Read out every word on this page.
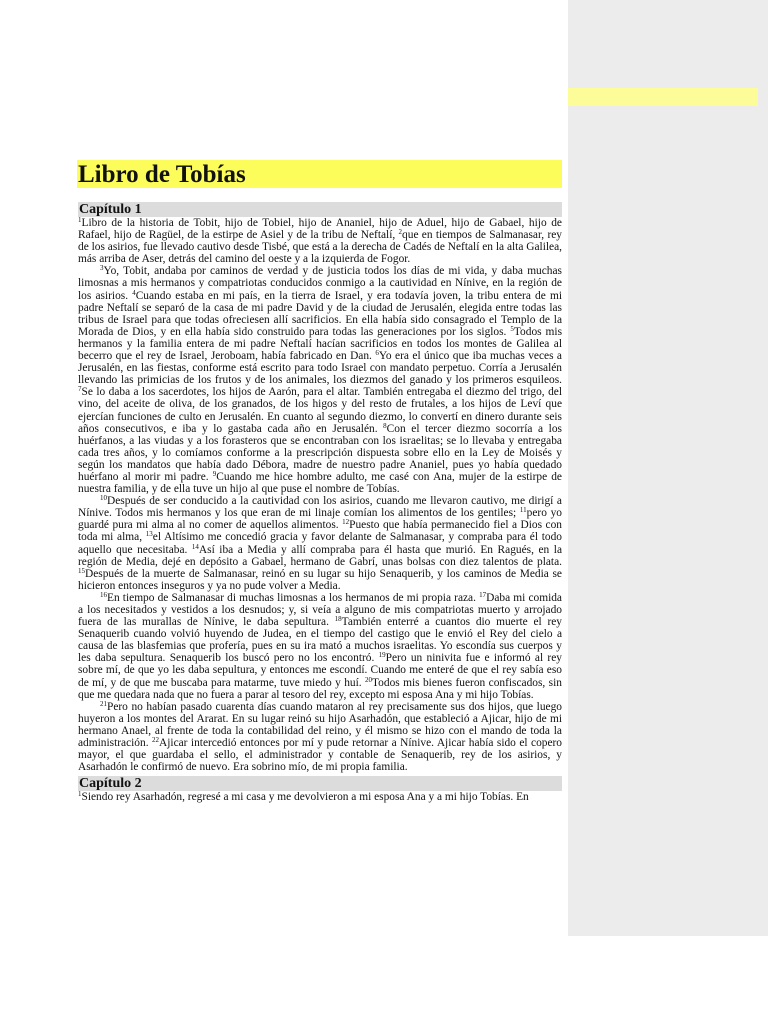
Libro de Tobías
Capítulo 1

$^1$Libro de la historia de Tobit, hijo de Tobiel, hijo de Ananiel, hijo de Aduel, hijo de Gabael, hijo de Rafael, hijo de Ragüel, de la estirpe de Asiel y de la tribu de Neftalí, $^2$que en tiempos de Salmanasar, rey de los asirios, fue llevado cautivo desde Tisbé, que está a la derecha de Cadés de Neftalí en la alta Galilea, más arriba de Aser, detrás del camino del oeste y a la izquierda de Fogor.

$^3$Yo, Tobit, andaba por caminos de verdad y de justicia todos los días de mi vida, y daba muchas limosnas a mis hermanos y compatriotas conducidos conmigo a la cautividad en Nínive, en la región de los asirios. $^4$Cuando estaba en mi país, en la tierra de Israel, y era todavía joven, la tribu entera de mi padre Neftalí se separó de la casa de mi padre David y de la ciudad de Jerusalén, elegida entre todas las tribus de Israel para que todas ofreciesen allí sacrificios. En ella había sido consagrado el Templo de la Morada de Dios, y en ella había sido construido para todas las generaciones por los siglos. $^5$Todos mis hermanos y la familia entera de mi padre Neftalí hacían sacrificios en todos los montes de Galilea al becerro que el rey de Israel, Jeroboam, había fabricado en Dan. $^6$Yo era el único que iba muchas veces a Jerusalén, en las fiestas, conforme está escrito para todo Israel con mandato perpetuo. Corría a Jerusalén llevando las primicias de los frutos y de los animales, los diezmos del ganado y los primeros esquileos. $^7$Se lo daba a los sacerdotes, los hijos de Aarón, para el altar. También entregaba el diezmo del trigo, del vino, del aceite de oliva, de los granados, de los higos y del resto de frutales, a los hijos de Leví que ejercían funciones de culto en Jerusalén. En cuanto al segundo diezmo, lo convertí en dinero durante seis años consecutivos, e iba y lo gastaba cada año en Jerusalén. $^8$Con el tercer diezmo socorría a los huérfanos, a las viudas y a los forasteros que se encontraban con los israelitas; se lo llevaba y entregaba cada tres años, y lo comíamos conforme a la prescripción dispuesta sobre ello en la Ley de Moisés y según los mandatos que había dado Débora, madre de nuestro padre Ananiel, pues yo había quedado huérfano al morir mi padre. $^9$Cuando me hice hombre adulto, me casé con Ana, mujer de la estirpe de nuestra familia, y de ella tuve un hijo al que puse el nombre de Tobías.

$^{10}$Después de ser conducido a la cautividad con los asirios, cuando me llevaron cautivo, me dirigí a Nínive. Todos mis hermanos y los que eran de mi linaje comían los alimentos de los gentiles; $^{11}$pero yo guardé pura mi alma al no comer de aquellos alimentos. $^{12}$Puesto que había permanecido fiel a Dios con toda mi alma, $^{13}$el Altísimo me concedió gracia y favor delante de Salmanasar, y compraba para él todo aquello que necesitaba. $^{14}$Así iba a Media y allí compraba para él hasta que murió. En Ragués, en la región de Media, dejé en depósito a Gabael, hermano de Gabrí, unas bolsas con diez talentos de plata. $^{15}$Después de la muerte de Salmanasar, reinó en su lugar su hijo Senaquerib, y los caminos de Media se hicieron entonces inseguros y ya no pude volver a Media.

$^{16}$En tiempo de Salmanasar di muchas limosnas a los hermanos de mi propia raza. $^{17}$Daba mi comida a los necesitados y vestidos a los desnudos; y, si veía a alguno de mis compatriotas muerto y arrojado fuera de las murallas de Nínive, le daba sepultura. $^{18}$También enterré a cuantos dio muerte el rey Senaquerib cuando volvió huyendo de Judea, en el tiempo del castigo que le envió el Rey del cielo a causa de las blasfemias que profería, pues en su ira mató a muchos israelitas. Yo escondía sus cuerpos y les daba sepultura. Senaquerib los buscó pero no los encontró. $^{19}$Pero un ninivita fue e informó al rey sobre mí, de que yo les daba sepultura, y entonces me escondí. Cuando me enteré de que el rey sabía eso de mí, y de que me buscaba para matarme, tuve miedo y huí. $^{20}$Todos mis bienes fueron confiscados, sin que me quedara nada que no fuera a parar al tesoro del rey, excepto mi esposa Ana y mi hijo Tobías.

$^{21}$Pero no habían pasado cuarenta días cuando mataron al rey precisamente sus dos hijos, que luego huyeron a los montes del Ararat. En su lugar reinó su hijo Asarhadón, que estableció a Ajicar, hijo de mi hermano Anael, al frente de toda la contabilidad del reino, y él mismo se hizo con el mando de toda la administración. $^{22}$Ajicar intercedió entonces por mí y pude retornar a Nínive. Ajicar había sido el copero mayor, el que guardaba el sello, el administrador y contable de Senaquerib, rey de los asirios, y Asarhadón le confirmó de nuevo. Era sobrino mío, de mi propia familia.

Capítulo 2

$^1$Siendo rey Asarhadón, regresé a mi casa y me devolvieron a mi esposa Ana y a mi hijo Tobías. En
